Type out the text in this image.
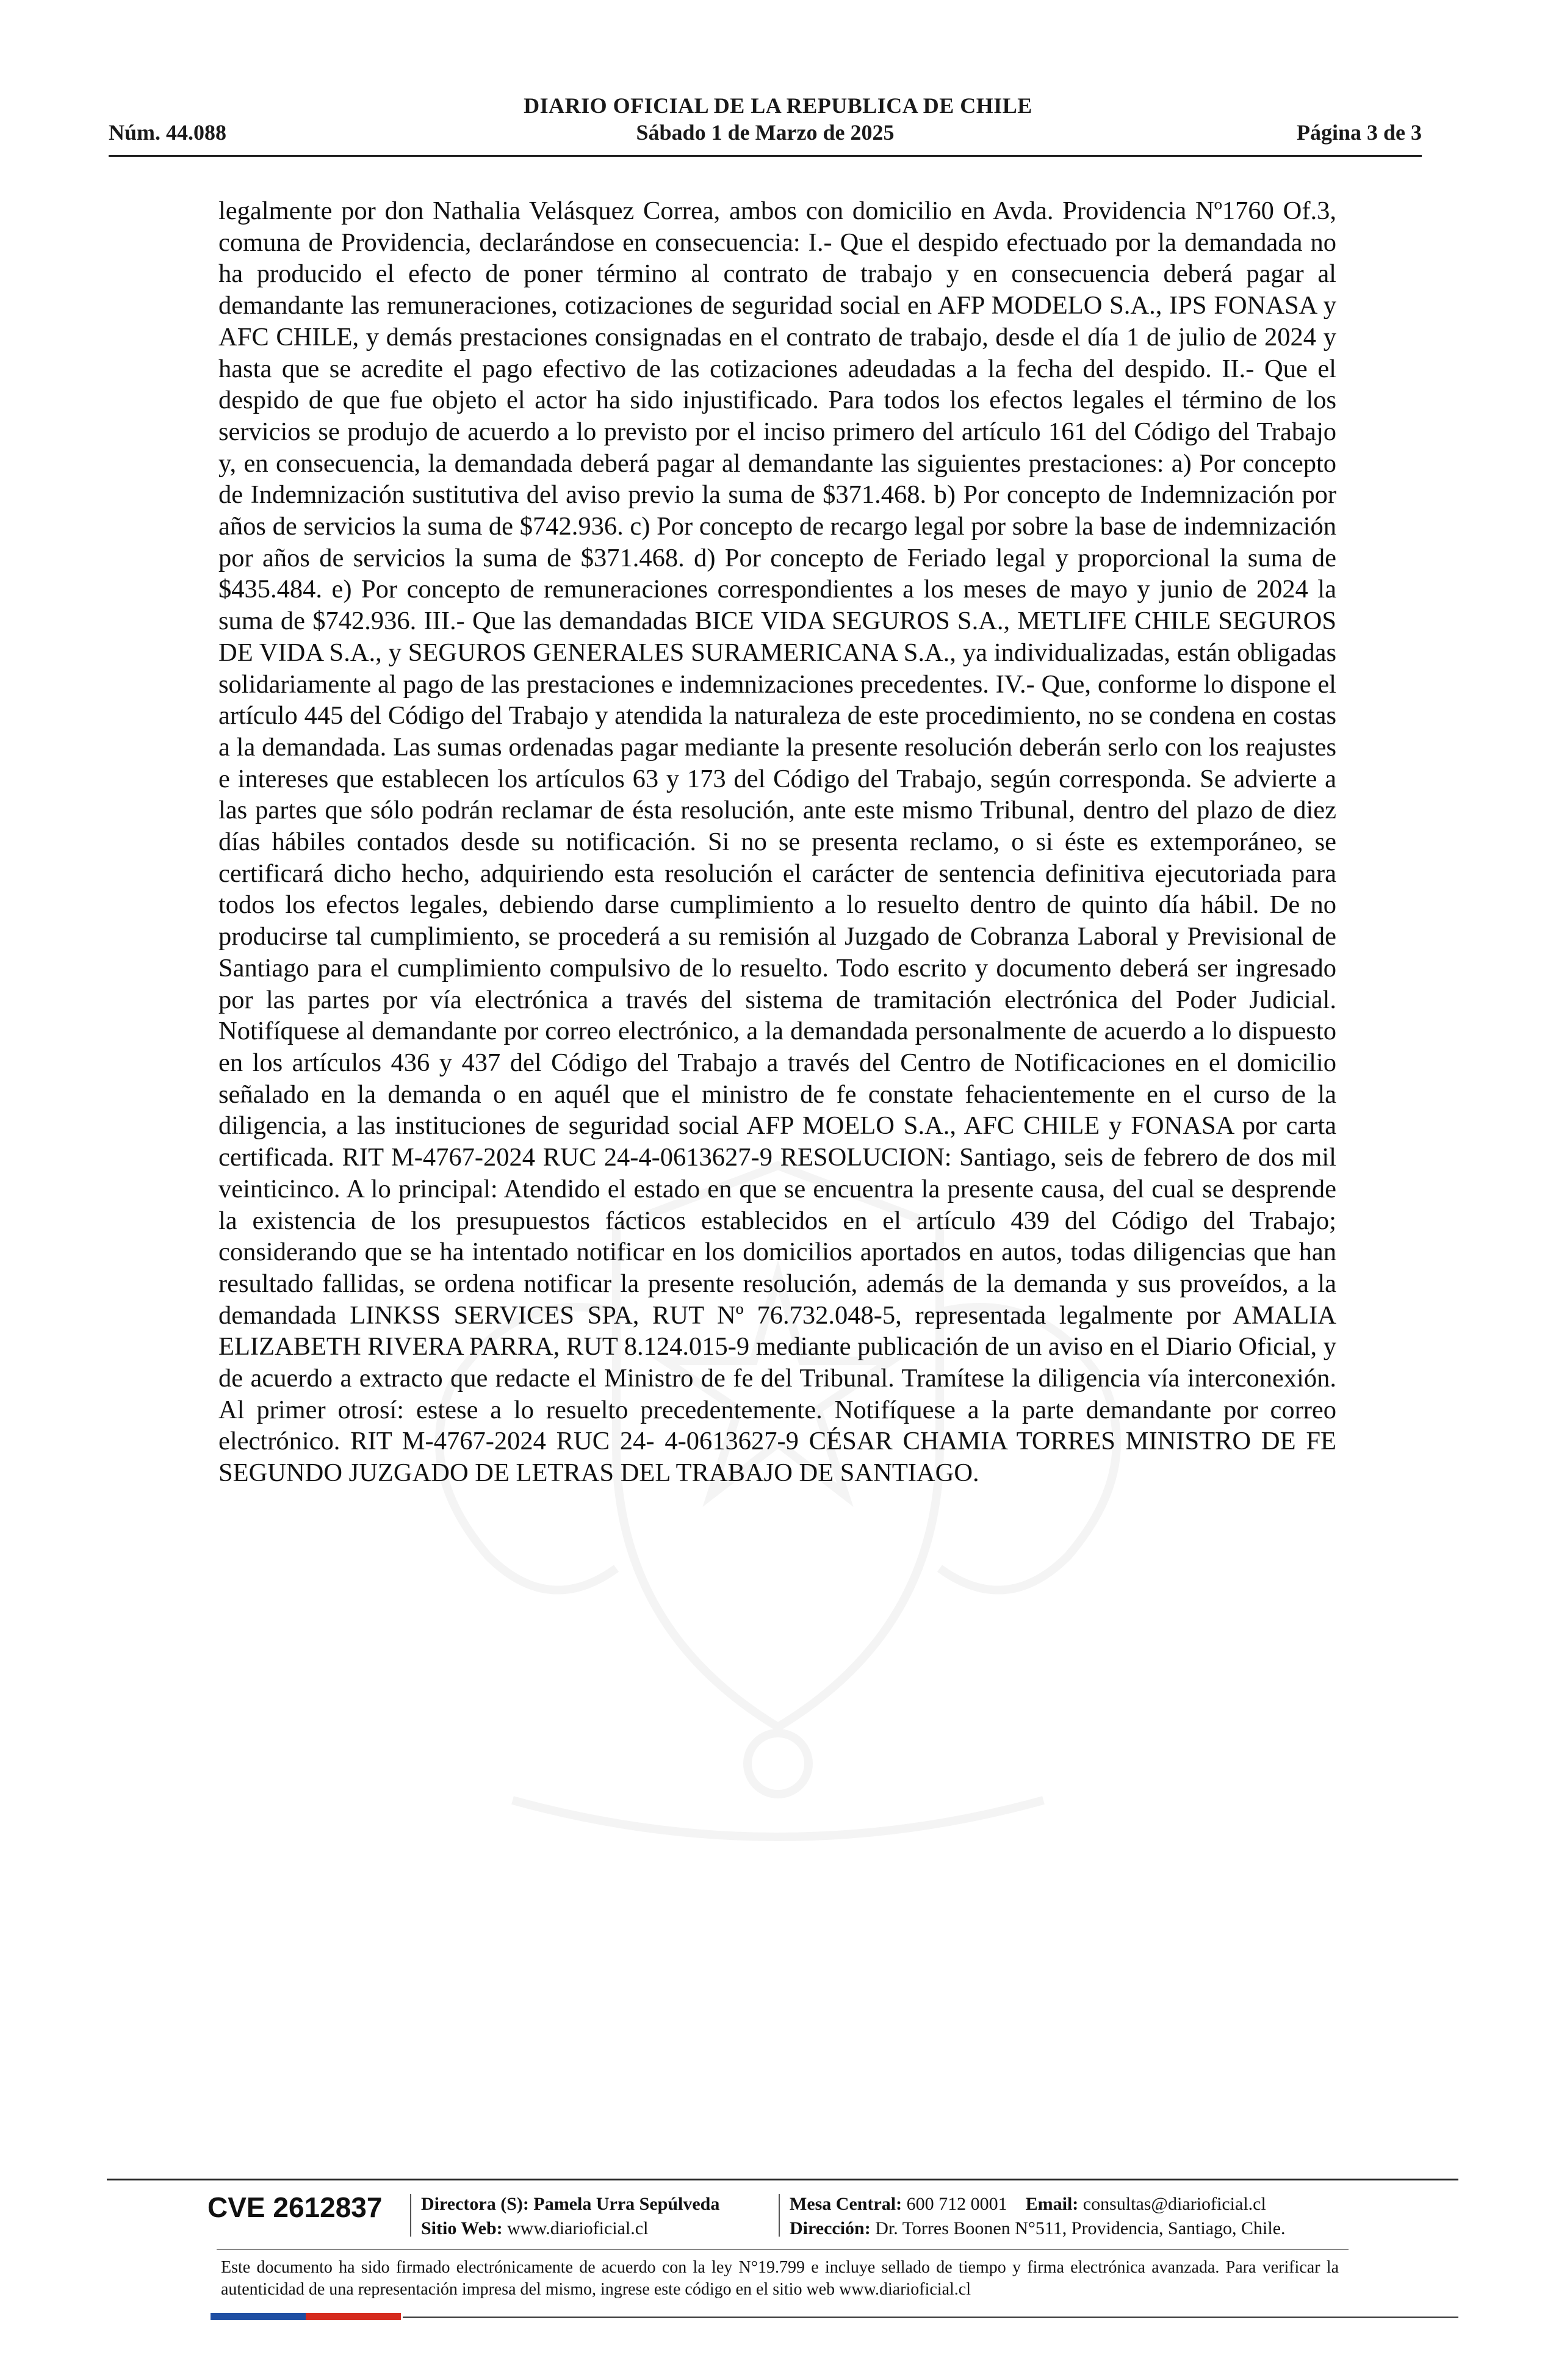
DIARIO OFICIAL DE LA REPUBLICA DE CHILE
Núm. 44.088	Sábado 1 de Marzo de 2025	Página 3 de 3
legalmente por don Nathalia Velásquez Correa, ambos con domicilio en Avda. Providencia Nº1760 Of.3, comuna de Providencia, declarándose en consecuencia: I.- Que el despido efectuado por la demandada no ha producido el efecto de poner término al contrato de trabajo y en consecuencia deberá pagar al demandante las remuneraciones, cotizaciones de seguridad social en AFP MODELO S.A., IPS FONASA y AFC CHILE, y demás prestaciones consignadas en el contrato de trabajo, desde el día 1 de julio de 2024 y hasta que se acredite el pago efectivo de las cotizaciones adeudadas a la fecha del despido. II.- Que el despido de que fue objeto el actor ha sido injustificado. Para todos los efectos legales el término de los servicios se produjo de acuerdo a lo previsto por el inciso primero del artículo 161 del Código del Trabajo y, en consecuencia, la demandada deberá pagar al demandante las siguientes prestaciones: a) Por concepto de Indemnización sustitutiva del aviso previo la suma de $371.468. b) Por concepto de Indemnización por años de servicios la suma de $742.936. c) Por concepto de recargo legal por sobre la base de indemnización por años de servicios la suma de $371.468. d) Por concepto de Feriado legal y proporcional la suma de $435.484. e) Por concepto de remuneraciones correspondientes a los meses de mayo y junio de 2024 la suma de $742.936. III.- Que las demandadas BICE VIDA SEGUROS S.A., METLIFE CHILE SEGUROS DE VIDA S.A., y SEGUROS GENERALES SURAMERICANA S.A., ya individualizadas, están obligadas solidariamente al pago de las prestaciones e indemnizaciones precedentes. IV.- Que, conforme lo dispone el artículo 445 del Código del Trabajo y atendida la naturaleza de este procedimiento, no se condena en costas a la demandada. Las sumas ordenadas pagar mediante la presente resolución deberán serlo con los reajustes e intereses que establecen los artículos 63 y 173 del Código del Trabajo, según corresponda. Se advierte a las partes que sólo podrán reclamar de ésta resolución, ante este mismo Tribunal, dentro del plazo de diez días hábiles contados desde su notificación. Si no se presenta reclamo, o si éste es extemporáneo, se certificará dicho hecho, adquiriendo esta resolución el carácter de sentencia definitiva ejecutoriada para todos los efectos legales, debiendo darse cumplimiento a lo resuelto dentro de quinto día hábil. De no producirse tal cumplimiento, se procederá a su remisión al Juzgado de Cobranza Laboral y Previsional de Santiago para el cumplimiento compulsivo de lo resuelto. Todo escrito y documento deberá ser ingresado por las partes por vía electrónica a través del sistema de tramitación electrónica del Poder Judicial. Notifíquese al demandante por correo electrónico, a la demandada personalmente de acuerdo a lo dispuesto en los artículos 436 y 437 del Código del Trabajo a través del Centro de Notificaciones en el domicilio señalado en la demanda o en aquél que el ministro de fe constate fehacientemente en el curso de la diligencia, a las instituciones de seguridad social AFP MOELO S.A., AFC CHILE y FONASA por carta certificada. RIT M-4767-2024 RUC 24-4-0613627-9 RESOLUCION: Santiago, seis de febrero de dos mil veinticinco. A lo principal: Atendido el estado en que se encuentra la presente causa, del cual se desprende la existencia de los presupuestos fácticos establecidos en el artículo 439 del Código del Trabajo; considerando que se ha intentado notificar en los domicilios aportados en autos, todas diligencias que han resultado fallidas, se ordena notificar la presente resolución, además de la demanda y sus proveídos, a la demandada LINKSS SERVICES SPA, RUT Nº 76.732.048-5, representada legalmente por AMALIA ELIZABETH RIVERA PARRA, RUT 8.124.015-9 mediante publicación de un aviso en el Diario Oficial, y de acuerdo a extracto que redacte el Ministro de fe del Tribunal. Tramítese la diligencia vía interconexión. Al primer otrosí: estese a lo resuelto precedentemente. Notifíquese a la parte demandante por correo electrónico. RIT M-4767-2024 RUC 24- 4-0613627-9 CÉSAR CHAMIA TORRES MINISTRO DE FE SEGUNDO JUZGADO DE LETRAS DEL TRABAJO DE SANTIAGO.
CVE 2612837 Directora (S): Pamela Urra Sepúlveda
Sitio Web: www.diarioficial.cl
Mesa Central: 600 712 0001 Email: consultas@diarioficial.cl
Dirección: Dr. Torres Boonen N°511, Providencia, Santiago, Chile.
Este documento ha sido firmado electrónicamente de acuerdo con la ley N°19.799 e incluye sellado de tiempo y firma electrónica avanzada. Para verificar la autenticidad de una representación impresa del mismo, ingrese este código en el sitio web www.diarioficial.cl
